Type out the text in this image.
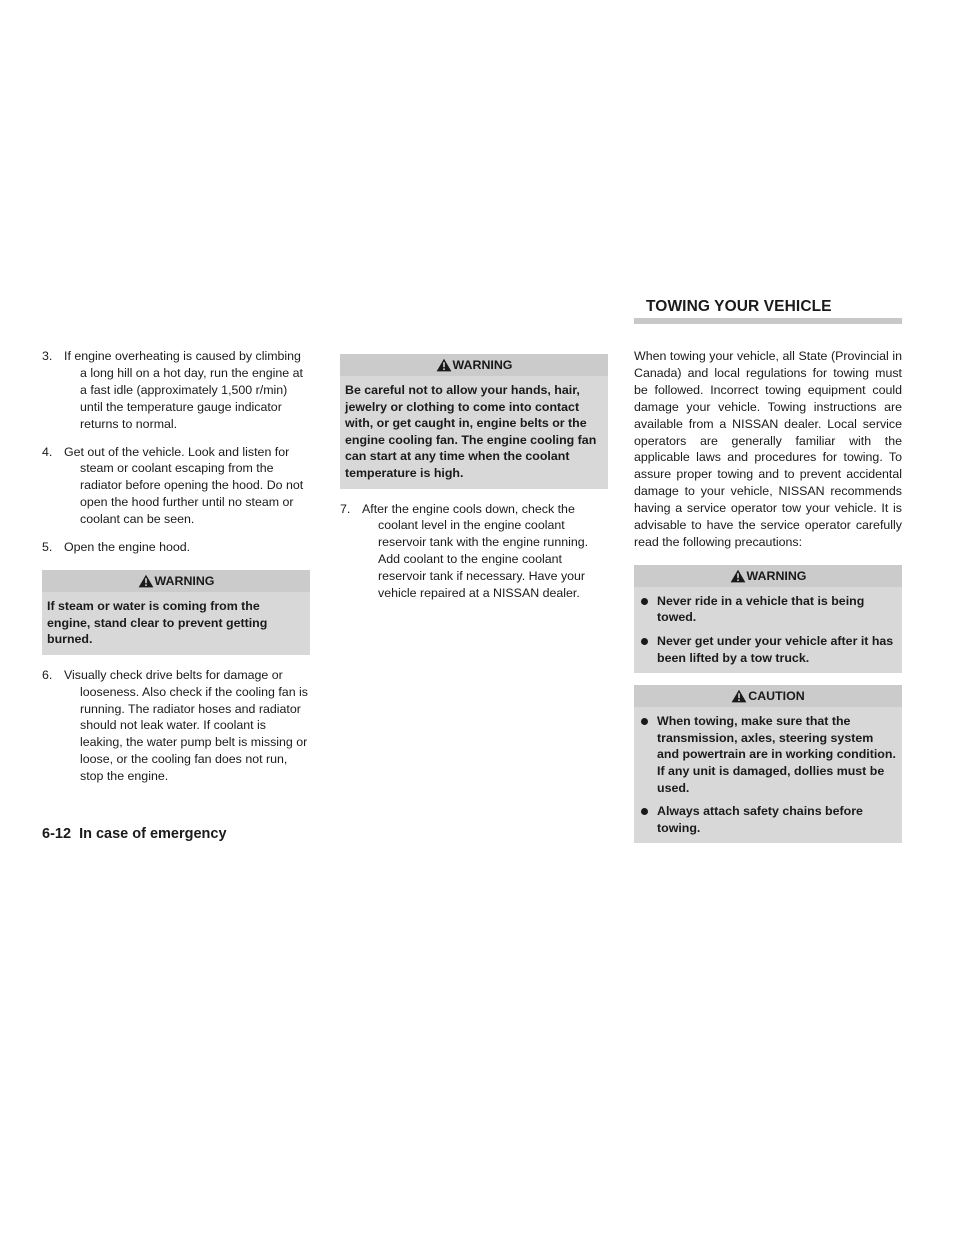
TOWING YOUR VEHICLE
3. If engine overheating is caused by climbing a long hill on a hot day, run the engine at a fast idle (approximately 1,500 r/min) until the temperature gauge indicator returns to normal.
4. Get out of the vehicle. Look and listen for steam or coolant escaping from the radiator before opening the hood. Do not open the hood further until no steam or coolant can be seen.
5. Open the engine hood.
WARNING
If steam or water is coming from the engine, stand clear to prevent getting burned.
6. Visually check drive belts for damage or looseness. Also check if the cooling fan is running. The radiator hoses and radiator should not leak water. If coolant is leaking, the water pump belt is missing or loose, or the cooling fan does not run, stop the engine.
WARNING
Be careful not to allow your hands, hair, jewelry or clothing to come into contact with, or get caught in, engine belts or the engine cooling fan. The engine cooling fan can start at any time when the coolant temperature is high.
7. After the engine cools down, check the coolant level in the engine coolant reservoir tank with the engine running. Add coolant to the engine coolant reservoir tank if necessary. Have your vehicle repaired at a NISSAN dealer.

When towing your vehicle, all State (Provincial in Canada) and local regulations for towing must be followed. Incorrect towing equipment could damage your vehicle. Towing instructions are available from a NISSAN dealer. Local service operators are generally familiar with the applicable laws and procedures for towing. To assure proper towing and to prevent accidental damage to your vehicle, NISSAN recommends having a service operator tow your vehicle. It is advisable to have the service operator carefully read the following precautions:

WARNING
Never ride in a vehicle that is being towed.
Never get under your vehicle after it has been lifted by a tow truck.
CAUTION
When towing, make sure that the transmission, axles, steering system and powertrain are in working condition. If any unit is damaged, dollies must be used.
Always attach safety chains before towing.
6-12 In case of emergency
